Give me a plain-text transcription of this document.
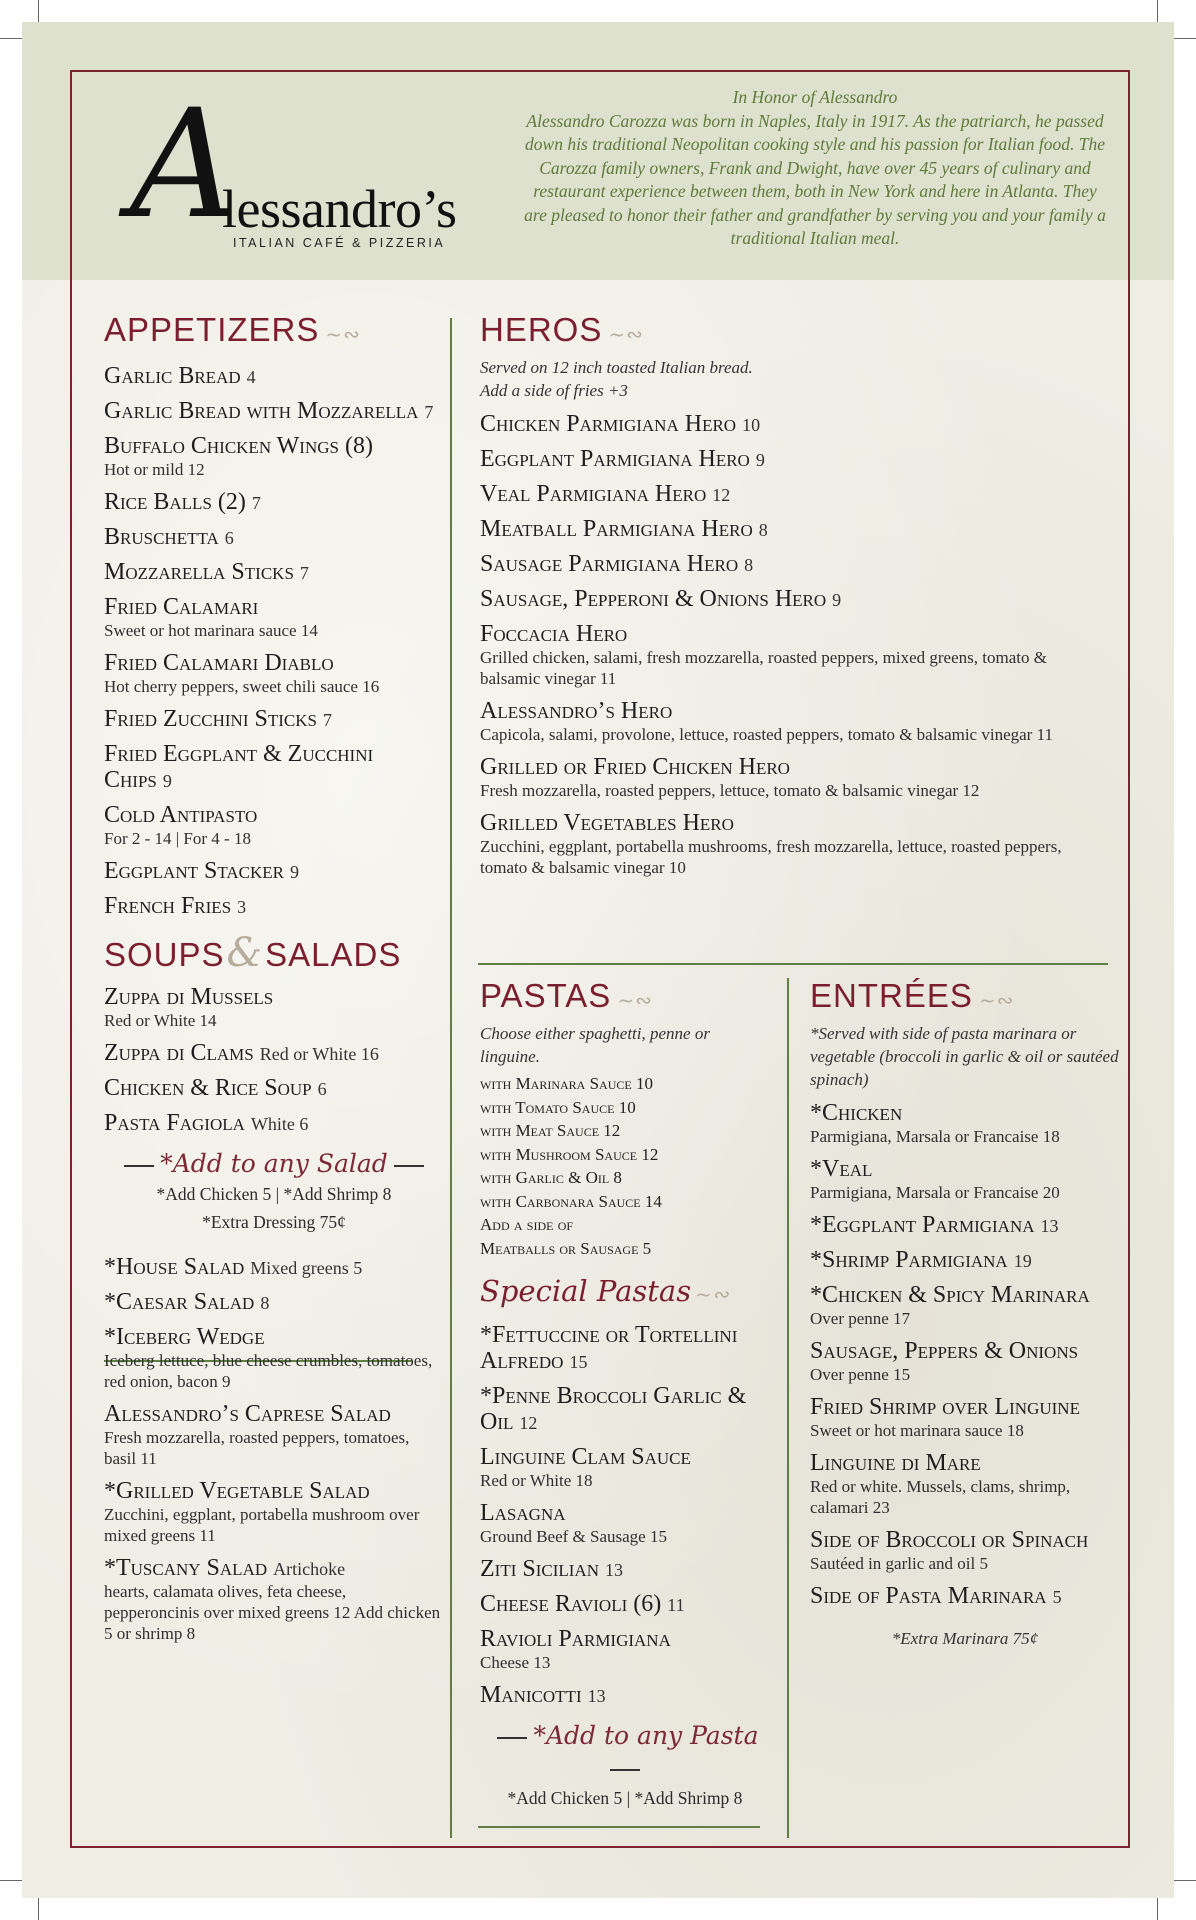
A
lessandro’s
ITALIAN CAFÉ & PIZZERIA
In Honor of Alessandro
Alessandro Carozza was born in Naples, Italy in 1917. As the patriarch, he passed down his traditional Neopolitan cooking style and his passion for Italian food. The Carozza family owners, Frank and Dwight, have over 45 years of culinary and restaurant experience between them, both in New York and here in Atlanta. They are pleased to honor their father and grandfather by serving you and your family a traditional Italian meal.
APPETIZERS ~∾
Garlic Bread 4
Garlic Bread with Mozzarella 7
Buffalo Chicken Wings (8)
Hot or mild 12
Rice Balls (2) 7
Bruschetta 6
Mozzarella Sticks 7
Fried Calamari
Sweet or hot marinara sauce 14
Fried Calamari Diablo
Hot cherry peppers, sweet chili sauce 16
Fried Zucchini Sticks 7
Fried Eggplant & Zucchini Chips 9
Cold Antipasto
For 2 - 14 | For 4 - 18
Eggplant Stacker 9
French Fries 3
SOUPS&SALADS
Zuppa di Mussels
Red or White 14
Zuppa di Clams Red or White 16
Chicken & Rice Soup 6
Pasta Fagiola White 6
*Add to any Salad
*Add Chicken 5 | *Add Shrimp 8
*Extra Dressing 75¢
*House Salad Mixed greens 5
*Caesar Salad 8
*Iceberg Wedge
Iceberg lettuce, blue cheese crumbles, tomatoes, red onion, bacon 9
Alessandro’s Caprese Salad
Fresh mozzarella, roasted peppers, tomatoes, basil 11
*Grilled Vegetable Salad
Zucchini, eggplant, portabella mushroom over mixed greens 11
*Tuscany Salad Artichoke
hearts, calamata olives, feta cheese, pepperoncinis over mixed greens 12 Add chicken 5 or shrimp 8
HEROS ~∾
Served on 12 inch toasted Italian bread.
Add a side of fries +3
Chicken Parmigiana Hero 10
Eggplant Parmigiana Hero 9
Veal Parmigiana Hero 12
Meatball Parmigiana Hero 8
Sausage Parmigiana Hero 8
Sausage, Pepperoni & Onions Hero 9
Foccacia Hero
Grilled chicken, salami, fresh mozzarella, roasted peppers, mixed greens, tomato & balsamic vinegar 11
Alessandro’s Hero
Capicola, salami, provolone, lettuce, roasted peppers, tomato & balsamic vinegar 11
Grilled or Fried Chicken Hero
Fresh mozzarella, roasted peppers, lettuce, tomato & balsamic vinegar 12
Grilled Vegetables Hero
Zucchini, eggplant, portabella mushrooms, fresh mozzarella, lettuce, roasted peppers, tomato & balsamic vinegar 10
PASTAS ~∾
Choose either spaghetti, penne or linguine.
with Marinara Sauce 10
with Tomato Sauce 10
with Meat Sauce 12
with Mushroom Sauce 12
with Garlic & Oil 8
with Carbonara Sauce 14
Add a side of
Meatballs or Sausage 5
Special Pastas ~∾
*Fettuccine or Tortellini Alfredo 15
*Penne Broccoli Garlic & Oil 12
Linguine Clam Sauce
Red or White 18
Lasagna
Ground Beef & Sausage 15
Ziti Sicilian 13
Cheese Ravioli (6) 11
Ravioli Parmigiana
Cheese 13
Manicotti 13
*Add to any Pasta
*Add Chicken 5 | *Add Shrimp 8
ENTRÉES ~∾
*Served with side of pasta marinara or vegetable (broccoli in garlic & oil or sautéed spinach)
*Chicken
Parmigiana, Marsala or Francaise 18
*Veal
Parmigiana, Marsala or Francaise 20
*Eggplant Parmigiana 13
*Shrimp Parmigiana 19
*Chicken & Spicy Marinara
Over penne 17
Sausage, Peppers & Onions
Over penne 15
Fried Shrimp over Linguine
Sweet or hot marinara sauce 18
Linguine di Mare
Red or white. Mussels, clams, shrimp, calamari 23
Side of Broccoli or Spinach
Sautéed in garlic and oil 5
Side of Pasta Marinara 5
*Extra Marinara 75¢
